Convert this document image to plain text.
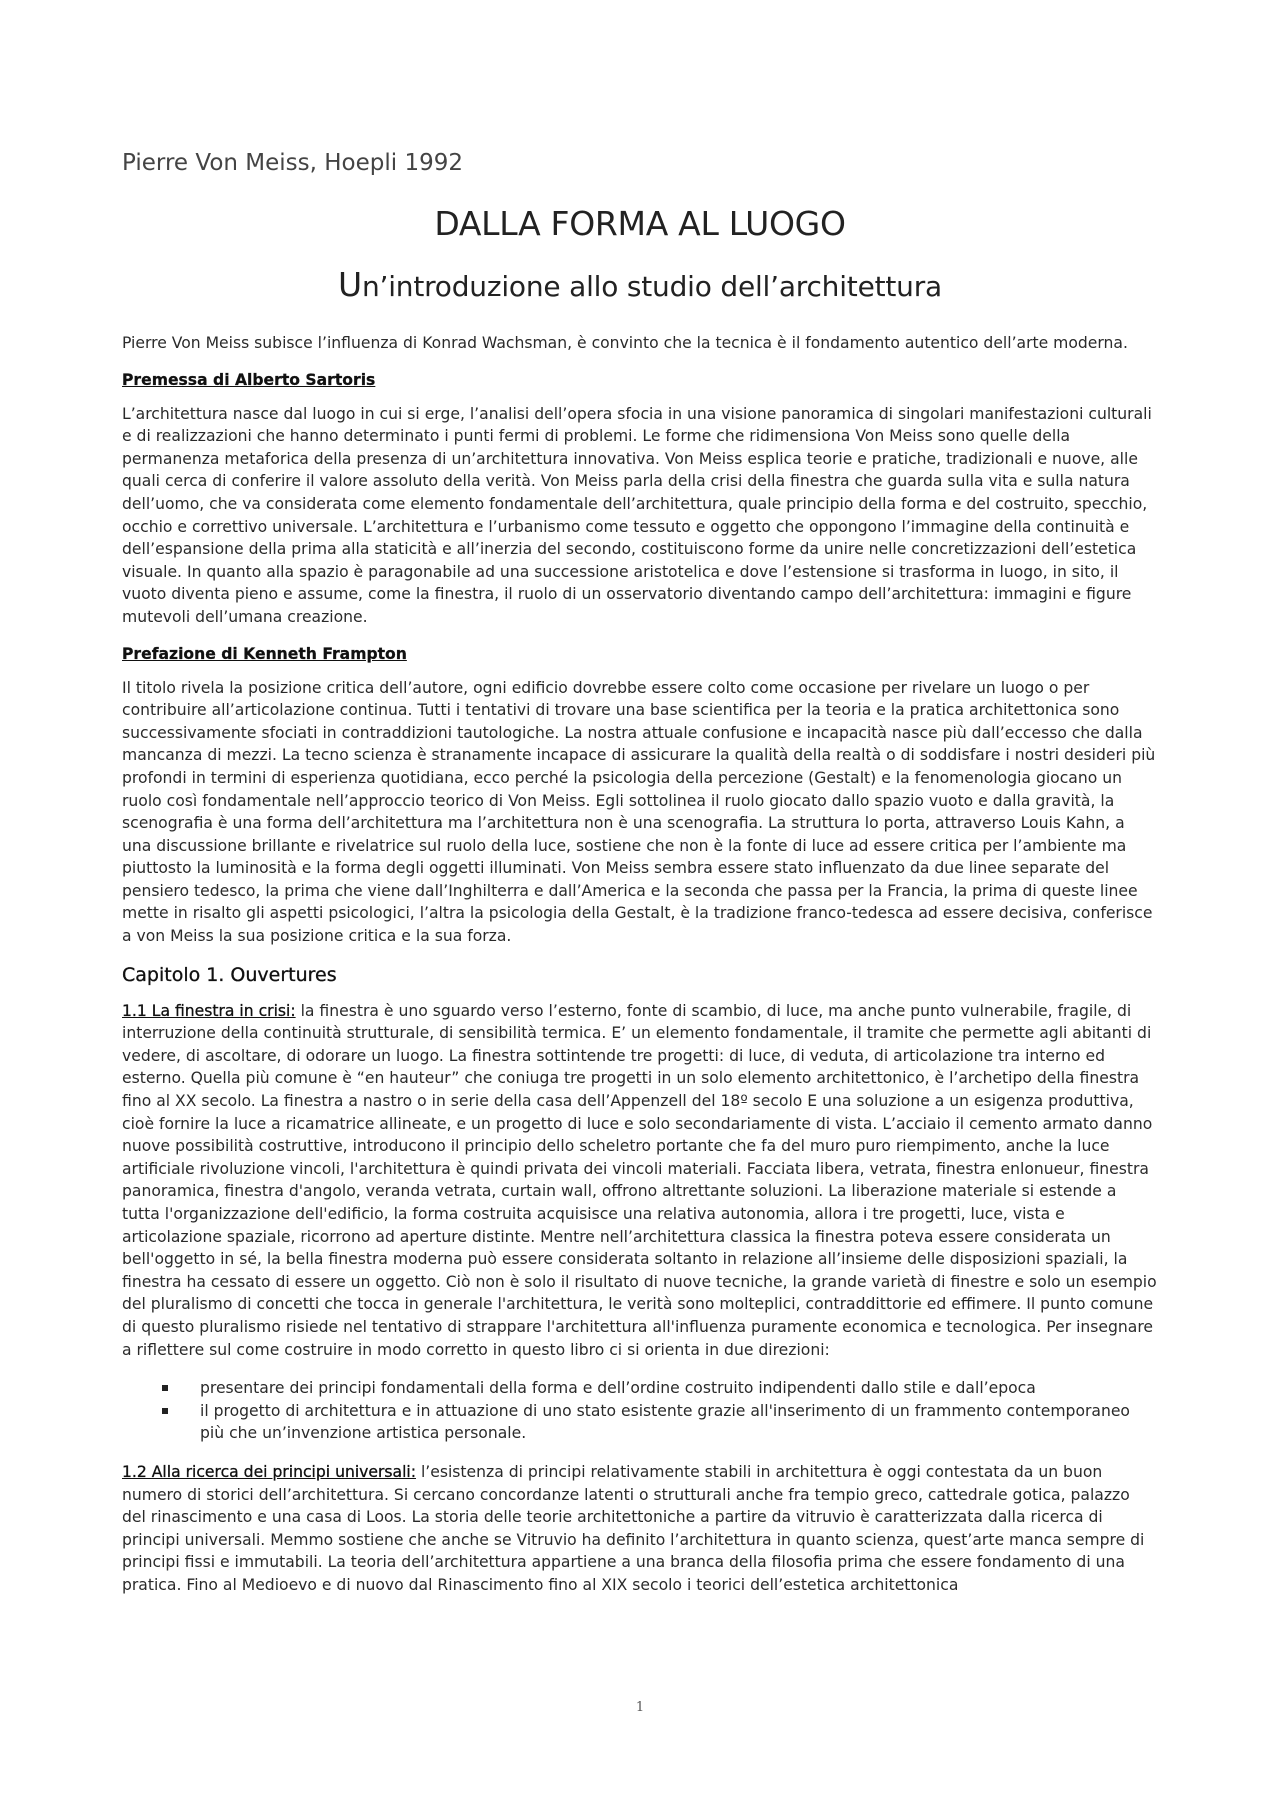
Pierre Von Meiss, Hoepli 1992
DALLA FORMA AL LUOGO
Un’introduzione allo studio dell’architettura

Pierre Von Meiss subisce l’influenza di Konrad Wachsman, è convinto che la tecnica è il fondamento autentico dell’arte moderna.

Premessa di Alberto Sartoris

L’architettura nasce dal luogo in cui si erge, l’analisi dell’opera sfocia in una visione panoramica di singolari manifestazioni culturali e di realizzazioni che hanno determinato i punti fermi di problemi. Le forme che ridimensiona Von Meiss sono quelle della permanenza metaforica della presenza di un’architettura innovativa. Von Meiss esplica teorie e pratiche, tradizionali e nuove, alle quali cerca di conferire il valore assoluto della verità. Von Meiss parla della crisi della finestra che guarda sulla vita e sulla natura dell’uomo, che va considerata come elemento fondamentale dell’architettura, quale principio della forma e del costruito, specchio, occhio e correttivo universale. L’architettura e l’urbanismo come tessuto e oggetto che oppongono l’immagine della continuità e dell’espansione della prima alla staticità e all’inerzia del secondo, costituiscono forme da unire nelle concretizzazioni dell’estetica visuale. In quanto alla spazio è paragonabile ad una successione aristotelica e dove l’estensione si trasforma in luogo, in sito, il vuoto diventa pieno e assume, come la finestra, il ruolo di un osservatorio diventando campo dell’architettura: immagini e figure mutevoli dell’umana creazione.

Prefazione di Kenneth Frampton

Il titolo rivela la posizione critica dell’autore, ogni edificio dovrebbe essere colto come occasione per rivelare un luogo o per contribuire all’articolazione continua. Tutti i tentativi di trovare una base scientifica per la teoria e la pratica architettonica sono successivamente sfociati in contraddizioni tautologiche. La nostra attuale confusione e incapacità nasce più dall’eccesso che dalla mancanza di mezzi. La tecno scienza è stranamente incapace di assicurare la qualità della realtà o di soddisfare i nostri desideri più profondi in termini di esperienza quotidiana, ecco perché la psicologia della percezione (Gestalt) e la fenomenologia giocano un ruolo così fondamentale nell’approccio teorico di Von Meiss. Egli sottolinea il ruolo giocato dallo spazio vuoto e dalla gravità, la scenografia è una forma dell’architettura ma l’architettura non è una scenografia. La struttura lo porta, attraverso Louis Kahn, a una discussione brillante e rivelatrice sul ruolo della luce, sostiene che non è la fonte di luce ad essere critica per l’ambiente ma piuttosto la luminosità e la forma degli oggetti illuminati. Von Meiss sembra essere stato influenzato da due linee separate del pensiero tedesco, la prima che viene dall’Inghilterra e dall’America e la seconda che passa per la Francia, la prima di queste linee mette in risalto gli aspetti psicologici, l’altra la psicologia della Gestalt, è la tradizione franco-tedesca ad essere decisiva, conferisce a von Meiss la sua posizione critica e la sua forza.

Capitolo 1. Ouvertures

1.1 La finestra in crisi: la finestra è uno sguardo verso l’esterno, fonte di scambio, di luce, ma anche punto vulnerabile, fragile, di interruzione della continuità strutturale, di sensibilità termica. E’ un elemento fondamentale, il tramite che permette agli abitanti di vedere, di ascoltare, di odorare un luogo. La finestra sottintende tre progetti: di luce, di veduta, di articolazione tra interno ed esterno. Quella più comune è “en hauteur” che coniuga tre progetti in un solo elemento architettonico, è l’archetipo della finestra fino al XX secolo. La finestra a nastro o in serie della casa dell’Appenzell del 18º secolo E una soluzione a un esigenza produttiva, cioè fornire la luce a ricamatrice allineate, e un progetto di luce e solo secondariamente di vista. L’acciaio il cemento armato danno nuove possibilità costruttive, introducono il principio dello scheletro portante che fa del muro puro riempimento, anche la luce artificiale rivoluzione vincoli, l'architettura è quindi privata dei vincoli materiali. Facciata libera, vetrata, finestra enlonueur, finestra panoramica, finestra d'angolo, veranda vetrata, curtain wall, offrono altrettante soluzioni. La liberazione materiale si estende a tutta l'organizzazione dell'edificio, la forma costruita acquisisce una relativa autonomia, allora i tre progetti, luce, vista e articolazione spaziale, ricorrono ad aperture distinte. Mentre nell’architettura classica la finestra poteva essere considerata un bell'oggetto in sé, la bella finestra moderna può essere considerata soltanto in relazione all’insieme delle disposizioni spaziali, la finestra ha cessato di essere un oggetto. Ciò non è solo il risultato di nuove tecniche, la grande varietà di finestre e solo un esempio del pluralismo di concetti che tocca in generale l'architettura, le verità sono molteplici, contraddittorie ed effimere. Il punto comune di questo pluralismo risiede nel tentativo di strappare l'architettura all'influenza puramente economica e tecnologica. Per insegnare a riflettere sul come costruire in modo corretto in questo libro ci si orienta in due direzioni:

presentare dei principi fondamentali della forma e dell’ordine costruito indipendenti dallo stile e dall’epoca
il progetto di architettura e in attuazione di uno stato esistente grazie all'inserimento di un frammento contemporaneo più che un’invenzione artistica personale.

1.2 Alla ricerca dei principi universali: l’esistenza di principi relativamente stabili in architettura è oggi contestata da un buon numero di storici dell’architettura. Si cercano concordanze latenti o strutturali anche fra tempio greco, cattedrale gotica, palazzo del rinascimento e una casa di Loos. La storia delle teorie architettoniche a partire da vitruvio è caratterizzata dalla ricerca di principi universali. Memmo sostiene che anche se Vitruvio ha definito l’architettura in quanto scienza, quest’arte manca sempre di principi fissi e immutabili. La teoria dell’architettura appartiene a una branca della filosofia prima che essere fondamento di una pratica. Fino al Medioevo e di nuovo dal Rinascimento fino al XIX secolo i teorici dell’estetica architettonica

1
